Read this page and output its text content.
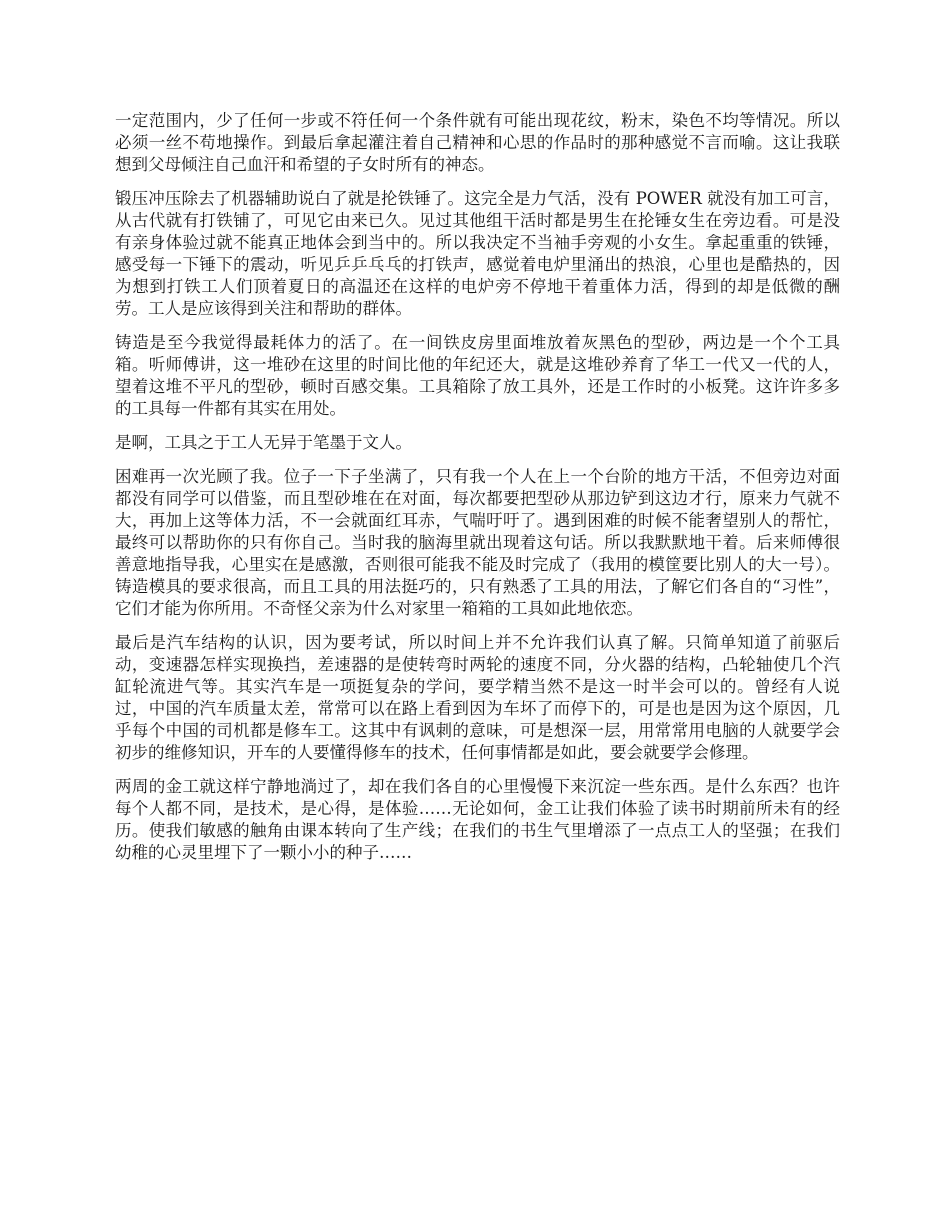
一定范围内，少了任何一步或不符任何一个条件就有可能出现花纹，粉末，染色不均等情况。所以必须一丝不苟地操作。到最后拿起灌注着自己精神和心思的作品时的那种感觉不言而喻。这让我联想到父母倾注自己血汗和希望的子女时所有的神态。

锻压冲压除去了机器辅助说白了就是抡铁锤了。这完全是力气活，没有 POWER 就没有加工可言，从古代就有打铁铺了，可见它由来已久。见过其他组干活时都是男生在抡锤女生在旁边看。可是没有亲身体验过就不能真正地体会到当中的。所以我决定不当袖手旁观的小女生。拿起重重的铁锤，感受每一下锤下的震动，听见乒乒乓乓的打铁声，感觉着电炉里涌出的热浪，心里也是酷热的，因为想到打铁工人们顶着夏日的高温还在这样的电炉旁不停地干着重体力活，得到的却是低微的酬劳。工人是应该得到关注和帮助的群体。

铸造是至今我觉得最耗体力的活了。在一间铁皮房里面堆放着灰黑色的型砂，两边是一个个工具箱。听师傅讲，这一堆砂在这里的时间比他的年纪还大，就是这堆砂养育了华工一代又一代的人，望着这堆不平凡的型砂，顿时百感交集。工具箱除了放工具外，还是工作时的小板凳。这许许多多的工具每一件都有其实在用处。

是啊，工具之于工人无异于笔墨于文人。

困难再一次光顾了我。位子一下子坐满了，只有我一个人在上一个台阶的地方干活，不但旁边对面都没有同学可以借鉴，而且型砂堆在在对面，每次都要把型砂从那边铲到这边才行，原来力气就不大，再加上这等体力活，不一会就面红耳赤，气喘吁吁了。遇到困难的时候不能奢望别人的帮忙，最终可以帮助你的只有你自己。当时我的脑海里就出现着这句话。所以我默默地干着。后来师傅很善意地指导我，心里实在是感激，否则很可能我不能及时完成了（我用的模筐要比别人的大一号）。铸造模具的要求很高，而且工具的用法挺巧的，只有熟悉了工具的用法，了解它们各自的“习性”，它们才能为你所用。不奇怪父亲为什么对家里一箱箱的工具如此地依恋。

最后是汽车结构的认识，因为要考试，所以时间上并不允许我们认真了解。只简单知道了前驱后动，变速器怎样实现换挡，差速器的是使转弯时两轮的速度不同，分火器的结构，凸轮轴使几个汽缸轮流进气等。其实汽车是一项挺复杂的学问，要学精当然不是这一时半会可以的。曾经有人说过，中国的汽车质量太差，常常可以在路上看到因为车坏了而停下的，可是也是因为这个原因，几乎每个中国的司机都是修车工。这其中有讽刺的意味，可是想深一层，用常常用电脑的人就要学会初步的维修知识，开车的人要懂得修车的技术，任何事情都是如此，要会就要学会修理。

两周的金工就这样宁静地淌过了，却在我们各自的心里慢慢下来沉淀一些东西。是什么东西？也许每个人都不同，是技术，是心得，是体验……无论如何，金工让我们体验了读书时期前所未有的经历。使我们敏感的触角由课本转向了生产线；在我们的书生气里增添了一点点工人的坚强；在我们幼稚的心灵里埋下了一颗小小的种子……
